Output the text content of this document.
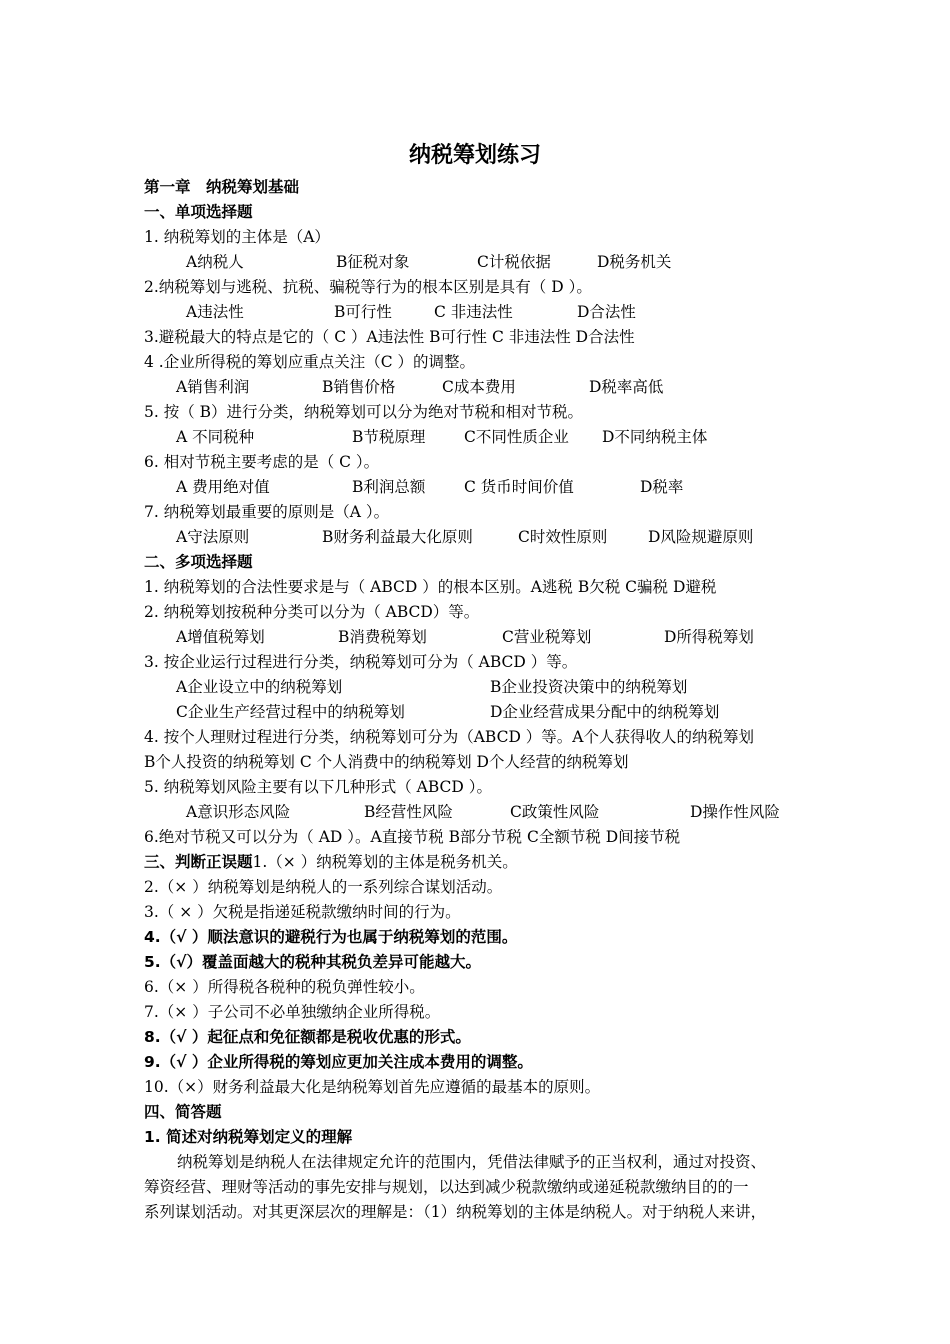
纳税筹划练习
第一章　纳税筹划基础
一、单项选择题
1. 纳税筹划的主体是（A）
A纳税人	B征税对象	C计税依据	D税务机关
2.纳税筹划与逃税、抗税、骗税等行为的根本区别是具有（ D ）。
A违法性	B可行性	C 非违法性	D合法性
3.避税最大的特点是它的（ C ）A违法性 B可行性 C 非违法性 D合法性
4 .企业所得税的筹划应重点关注（C ）的调整。
A销售利润	B销售价格	C成本费用	D税率高低
5. 按（ B）进行分类，纳税筹划可以分为绝对节税和相对节税。
A 不同税种	B节税原理 C不同性质企业 D不同纳税主体
6. 相对节税主要考虑的是（ C ）。
A 费用绝对值	B利润总额 C 货币时间价值	D税率
7. 纳税筹划最重要的原则是（A ）。
A守法原则	B财务利益最大化原则	C时效性原则	D风险规避原则
二、多项选择题
1. 纳税筹划的合法性要求是与（ ABCD ）的根本区别。A逃税 B欠税 C骗税 D避税
2. 纳税筹划按税种分类可以分为（ ABCD）等。
A增值税筹划	B消费税筹划	C营业税筹划	D所得税筹划
3. 按企业运行过程进行分类，纳税筹划可分为（ ABCD ）等。
A企业设立中的纳税筹划	B企业投资决策中的纳税筹划
C企业生产经营过程中的纳税筹划	D企业经营成果分配中的纳税筹划
4. 按个人理财过程进行分类，纳税筹划可分为（ABCD ）等。A个人获得收人的纳税筹划
B个人投资的纳税筹划 C 个人消费中的纳税筹划 D个人经营的纳税筹划
5. 纳税筹划风险主要有以下几种形式（ ABCD ）。
A意识形态风险	B经营性风险	C政策性风险	D操作性风险
6.绝对节税又可以分为（ AD ）。A直接节税 B部分节税 C全额节税 D间接节税
三、判断正误题1.（× ）纳税筹划的主体是税务机关。
2.（× ）纳税筹划是纳税人的一系列综合谋划活动。
3.（ × ）欠税是指递延税款缴纳时间的行为。
4.（√ ）顺法意识的避税行为也属于纳税筹划的范围。
5.（√）覆盖面越大的税种其税负差异可能越大。
6.（× ）所得税各税种的税负弹性较小。
7.（× ）子公司不必单独缴纳企业所得税。
8.（√ ）起征点和免征额都是税收优惠的形式。
9.（√ ）企业所得税的筹划应更加关注成本费用的调整。
10.（×）财务利益最大化是纳税筹划首先应遵循的最基本的原则。
四、简答题
1. 简述对纳税筹划定义的理解
纳税筹划是纳税人在法律规定允许的范围内，凭借法律赋予的正当权利，通过对投资、
筹资经营、理财等活动的事先安排与规划，以达到减少税款缴纳或递延税款缴纳目的的一
系列谋划活动。对其更深层次的理解是：（1）纳税筹划的主体是纳税人。对于纳税人来讲，
